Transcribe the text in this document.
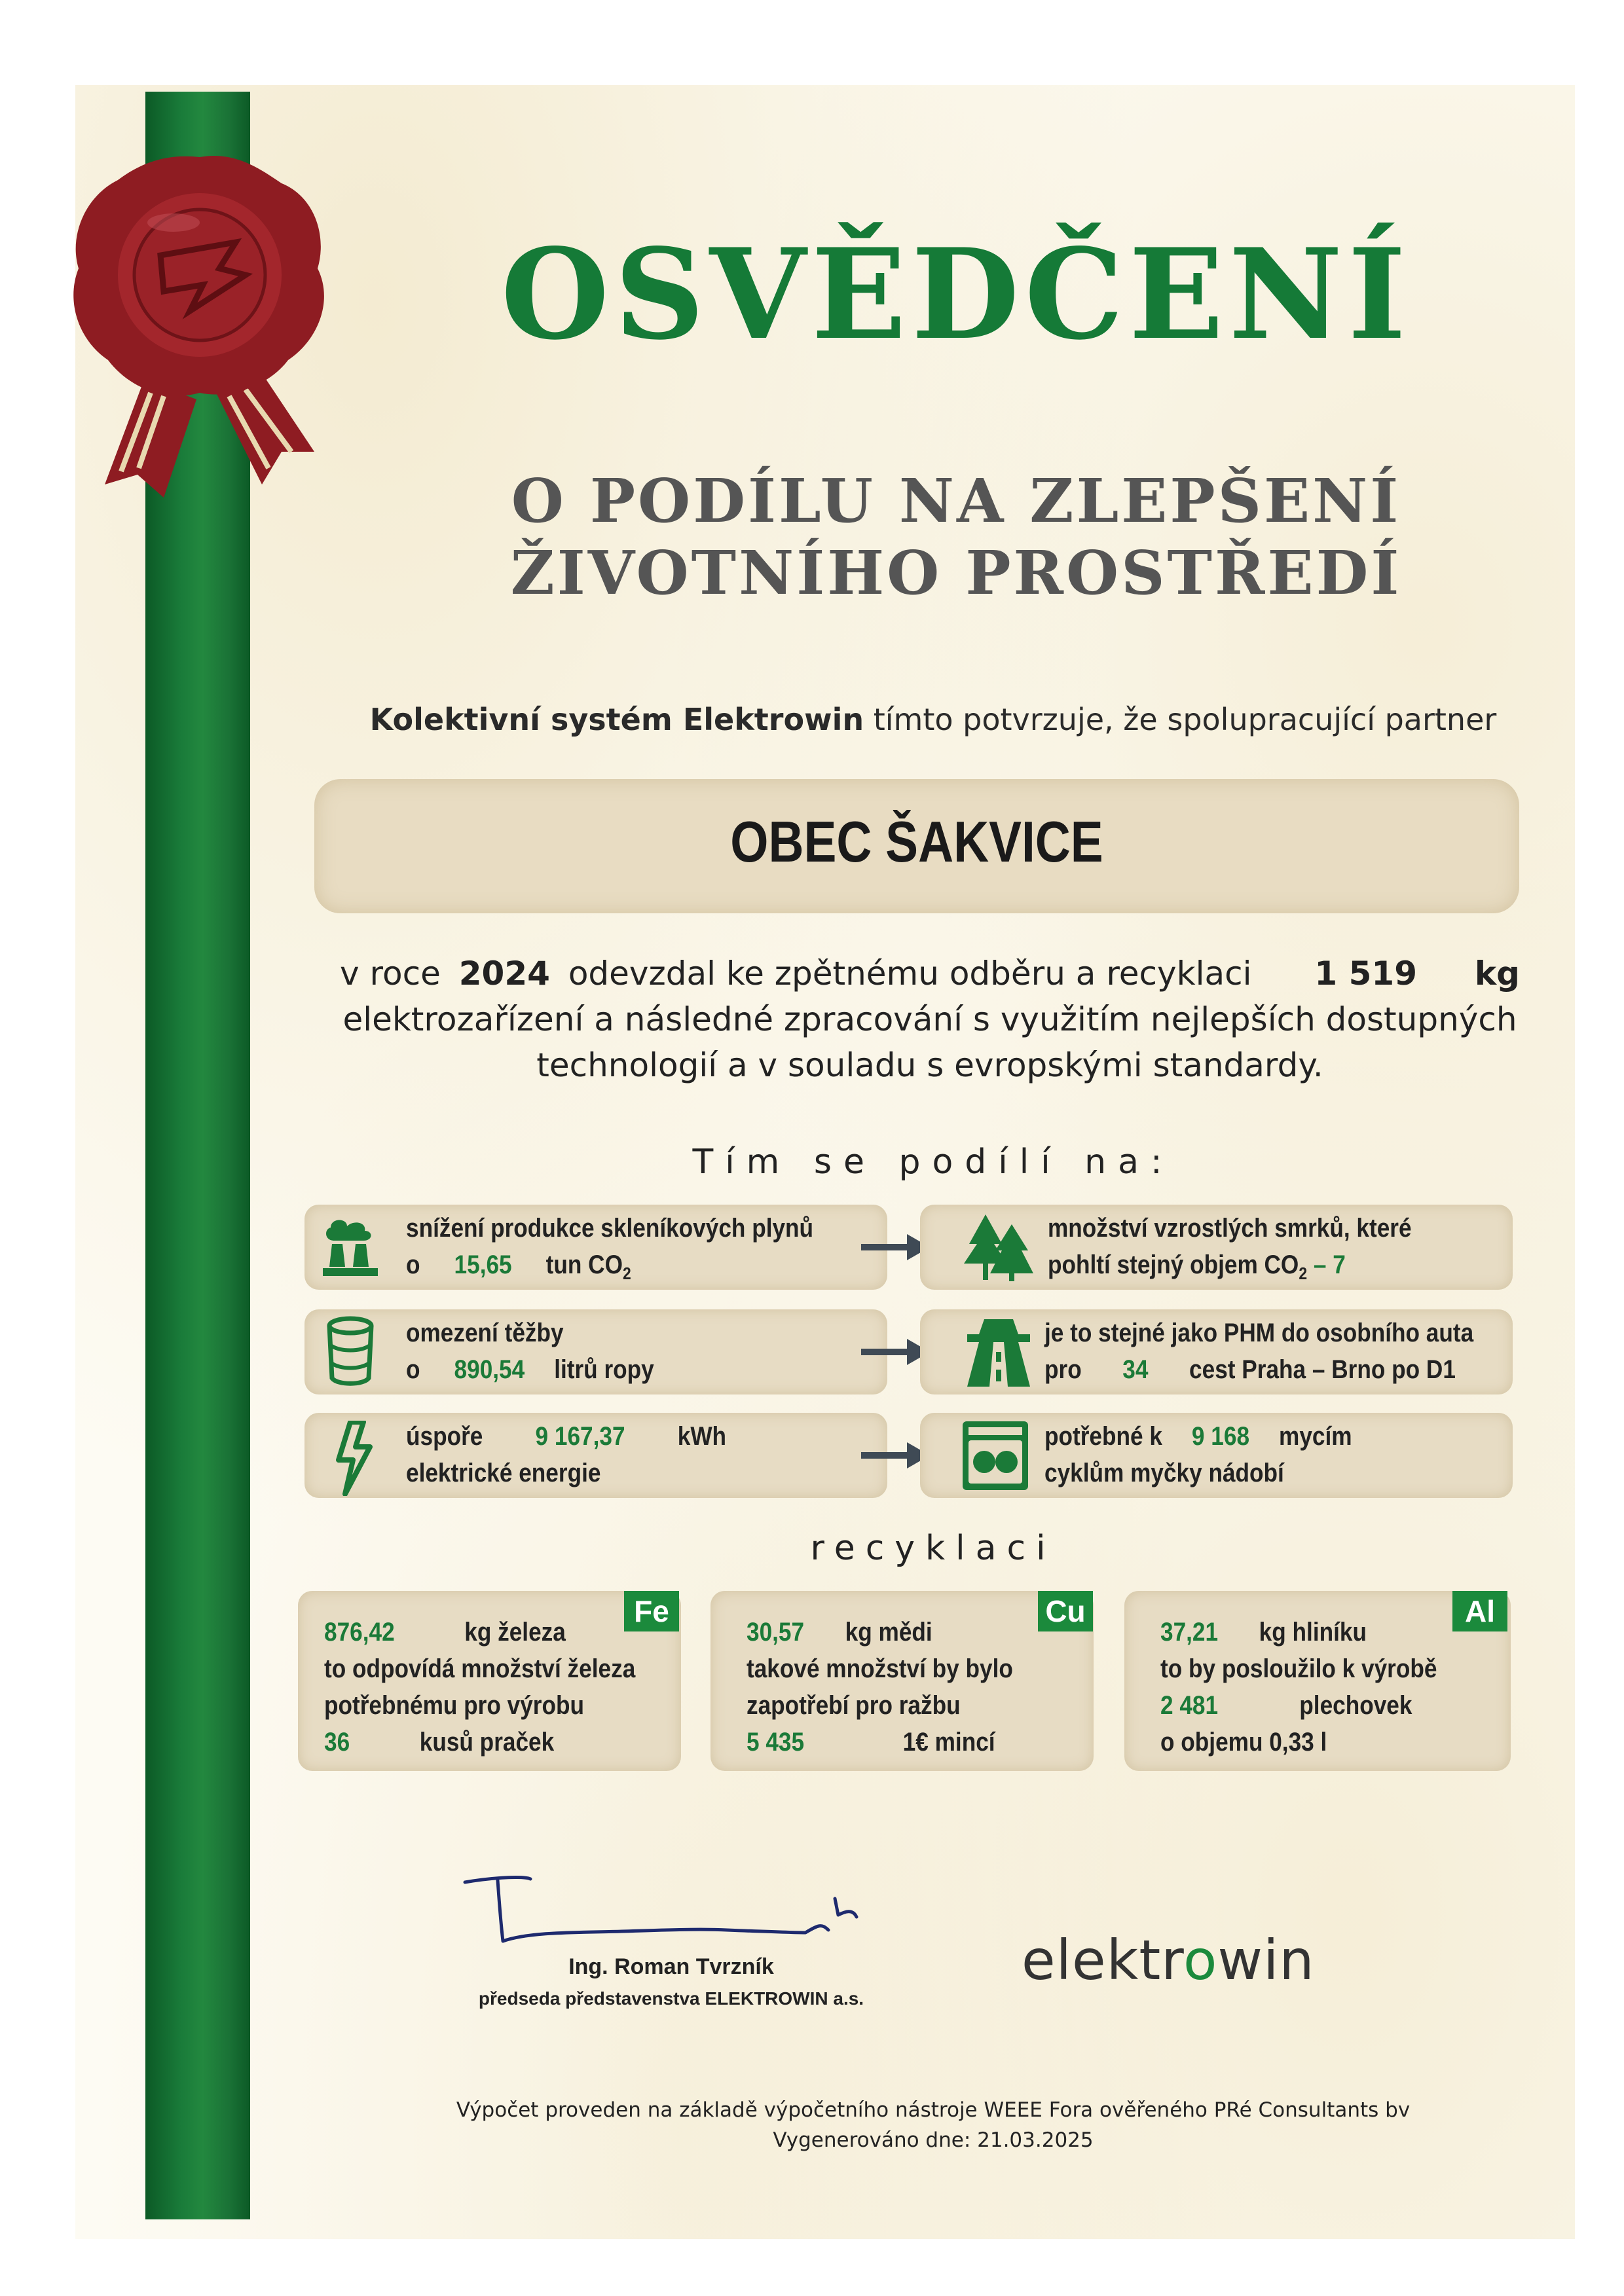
OSVĚDČENÍ
O PODÍLU NA ZLEPŠENÍ
ŽIVOTNÍHO PROSTŘEDÍ
Kolektivní systém Elektrowin tímto potvrzuje, že spolupracující partner
OBEC ŠAKVICE
v roce 2024 odevzdal ke zpětnému odběru a recyklaci 1 519 kg
elektrozařízení a následné zpracování s využitím nejlepších dostupných
technologií a v souladu s evropskými standardy.
Tím se podílí na:
snížení produkce skleníkových plynů
o 15,65 tun $CO_2$
množství vzrostlých smrků, které
pohltí stejný objem $CO_2 - 7$
omezení těžby
o 890,54 litrů ropy
je to stejné jako PHM do osobního auta
pro 34 cest Praha – Brno po D1
úspoře 9 167,37 kWh
elektrické energie
potřebné k 9 168 mycím
cyklům myčky nádobí
recyklaci
Fe
876,42	kg železa
to odpovídá množství železa
potřebnému pro výrobu
36	kusů praček
Cu
30,57 kg mědi
takové množství by bylo
zapotřebí pro ražbu
5 435	1€ mincí
Al
37,21 kg hliníku
to by posloužilo k výrobě
2 481	plechovek
o objemu 0,33 l
Ing. Roman Tvrzník
předseda představenstva ELEKTROWIN a.s.
elektrowin
Výpočet proveden na základě výpočetního nástroje WEEE Fora ověřeného PRé Consultants bv
Vygenerováno dne: 21.03.2025
